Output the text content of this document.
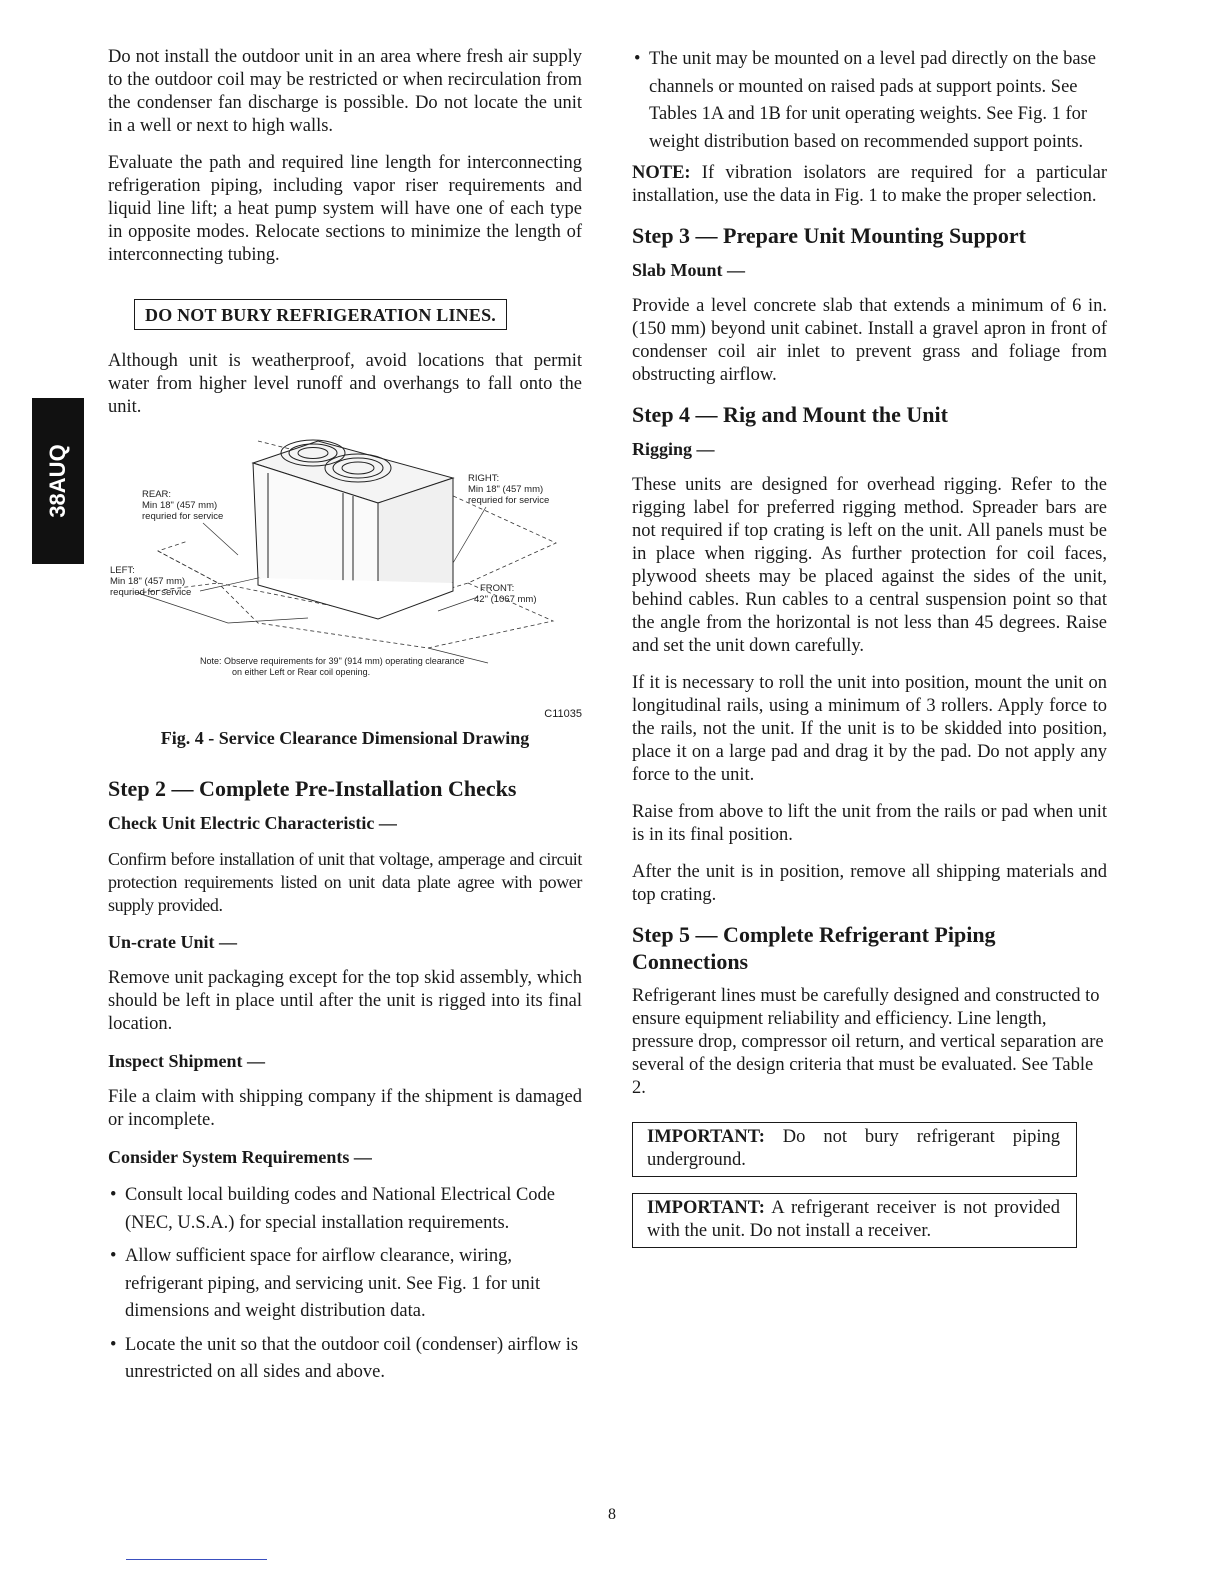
38AUQ

Do not install the outdoor unit in an area where fresh air supply to the outdoor coil may be restricted or when recirculation from the condenser fan discharge is possible. Do not locate the unit in a well or next to high walls.

Evaluate the path and required line length for interconnecting refrigeration piping, including vapor riser requirements and liquid line lift; a heat pump system will have one of each type in opposite modes. Relocate sections to minimize the length of interconnecting tubing.

DO NOT BURY REFRIGERATION LINES.

Although unit is weatherproof, avoid locations that permit water from higher level runoff and overhangs to fall onto the unit.

REAR:
Min 18" (457 mm)
requried for service
RIGHT:
Min 18" (457 mm)
requried for service
LEFT:
Min 18" (457 mm)
requried for service	FRONT:
42" (1067 mm)
Note: Observe requirements for 39" (914 mm) operating clearance
on either Left or Rear coil opening.

C11035

Fig. 4 - Service Clearance Dimensional Drawing
Step 2 — Complete Pre-Installation Checks
Check Unit Electric Characteristic —

Confirm before installation of unit that voltage, amperage and circuit protection requirements listed on unit data plate agree with power supply provided.

Un-crate Unit —

Remove unit packaging except for the top skid assembly, which should be left in place until after the unit is rigged into its final location.

Inspect Shipment —

File a claim with shipping company if the shipment is damaged or incomplete.

Consider System Requirements —
• Consult local building codes and National Electrical Code (NEC, U.S.A.) for special installation requirements.
• Allow sufficient space for airflow clearance, wiring, refrigerant piping, and servicing unit. See Fig. 1 for unit dimensions and weight distribution data.
• Locate the unit so that the outdoor coil (condenser) airflow is unrestricted on all sides and above.
• The unit may be mounted on a level pad directly on the base channels or mounted on raised pads at support points. See Tables 1A and 1B for unit operating weights. See Fig. 1 for weight distribution based on recommended support points.

NOTE: If vibration isolators are required for a particular installation, use the data in Fig. 1 to make the proper selection.

Step 3 — Prepare Unit Mounting Support
Slab Mount —

Provide a level concrete slab that extends a minimum of 6 in. (150 mm) beyond unit cabinet. Install a gravel apron in front of condenser coil air inlet to prevent grass and foliage from obstructing airflow.

Step 4 — Rig and Mount the Unit
Rigging —

These units are designed for overhead rigging. Refer to the rigging label for preferred rigging method. Spreader bars are not required if top crating is left on the unit. All panels must be in place when rigging. As further protection for coil faces, plywood sheets may be placed against the sides of the unit, behind cables. Run cables to a central suspension point so that the angle from the horizontal is not less than 45 degrees. Raise and set the unit down carefully.

If it is necessary to roll the unit into position, mount the unit on longitudinal rails, using a minimum of 3 rollers. Apply force to the rails, not the unit. If the unit is to be skidded into position, place it on a large pad and drag it by the pad. Do not apply any force to the unit.

Raise from above to lift the unit from the rails or pad when unit is in its final position.

After the unit is in position, remove all shipping materials and top crating.

Step 5 — Complete Refrigerant Piping Connections

Refrigerant lines must be carefully designed and constructed to ensure equipment reliability and efficiency. Line length, pressure drop, compressor oil return, and vertical separation are several of the design criteria that must be evaluated. See Table 2.

IMPORTANT: Do not bury refrigerant piping underground.
IMPORTANT: A refrigerant receiver is not provided with the unit. Do not install a receiver.
8
